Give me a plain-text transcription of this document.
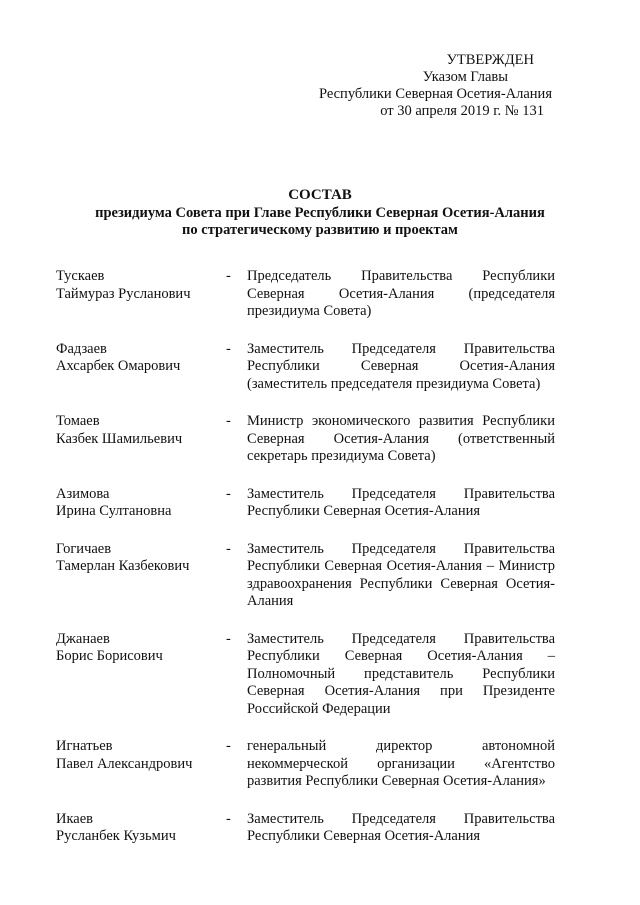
УТВЕРЖДЕН
Указом Главы
Республики Северная Осетия-Алания
от 30 апреля 2019 г. № 131
СОСТАВ
президиума Совета при Главе Республики Северная Осетия-Алания
по стратегическому развитию и проектам
Тускаев
Таймураз Русланович
-	Председатель Правительства Республики
Северная Осетия-Алания (председателя
президиума Совета)
Фадзаев
Ахсарбек Омарович
-	Заместитель Председателя Правительства
Республики Северная Осетия-Алания
(заместитель председателя президиума Совета)
Томаев
Казбек Шамильевич
-	Министр экономического развития Республики
Северная Осетия-Алания (ответственный
секретарь президиума Совета)
Азимова
Ирина Султановна
-	Заместитель Председателя Правительства
Республики Северная Осетия-Алания
Гогичаев
Тамерлан Казбекович
-	Заместитель Председателя Правительства
Республики Северная Осетия-Алания – Министр
здравоохранения Республики Северная Осетия-
Алания
Джанаев
Борис Борисович
-	Заместитель Председателя Правительства
Республики Северная Осетия-Алания –
Полномочный представитель Республики
Северная Осетия-Алания при Президенте
Российской Федерации
Игнатьев
Павел Александрович
-	генеральный директор автономной
некоммерческой организации «Агентство
развития Республики Северная Осетия-Алания»
Икаев
Русланбек Кузьмич
-	Заместитель Председателя Правительства
Республики Северная Осетия-Алания
